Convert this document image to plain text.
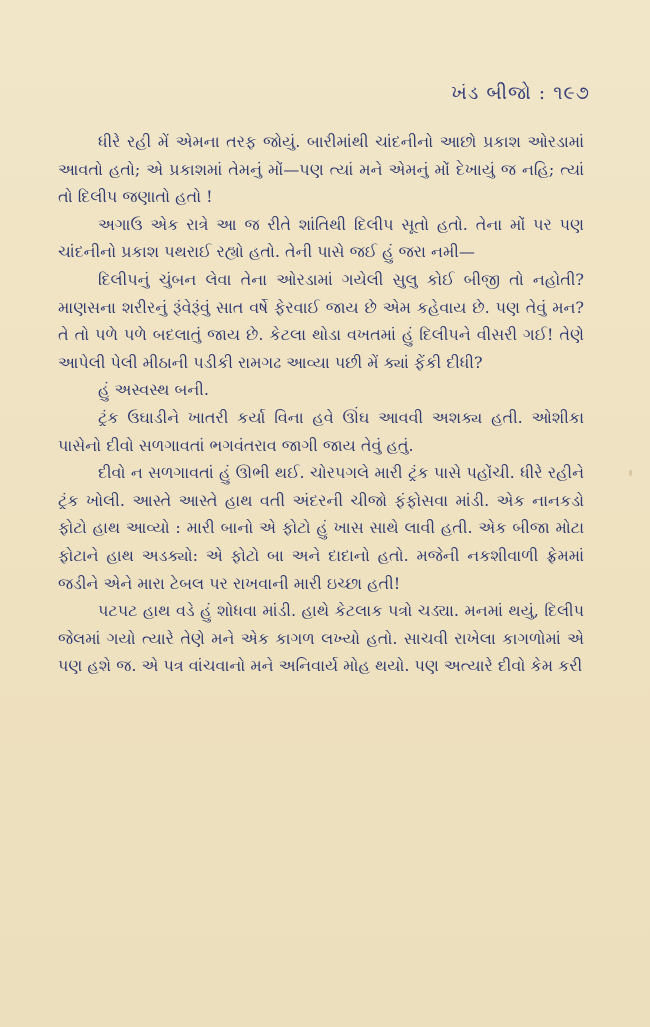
ખંડ બીજો : ૧૯૭

ધીરે રહી મેં એમના તરફ જોયું. બારીમાંથી ચાંદનીનો આછો પ્રકાશ ઓરડામાં આવતો હતો; એ પ્રકાશમાં તેમનું મોં—પણ ત્યાં મને એમનું મોં દેખાયું જ નહિ; ત્યાં તો દિલીપ જણાતો હતો !

અગાઉ એક રાત્રે આ જ રીતે શાંતિથી દિલીપ સૂતો હતો. તેના મોં પર પણ ચાંદનીનો પ્રકાશ પથરાઈ રહ્યો હતો. તેની પાસે જઈ હું જરા નમી—

દિલીપનું ચુંબન લેવા તેના ઓરડામાં ગયેલી સુલુ કોઈ બીજી તો નહોતી? માણસના શરીરનું રૂંવેરૂંવું સાત વર્ષે ફેરવાઈ જાય છે એમ કહેવાય છે. પણ તેવું મન? તે તો પળે પળે બદલાતું જાય છે. કેટલા થોડા વખતમાં હું દિલીપને વીસરી ગઈ! તેણે આપેલી પેલી મીઠાની પડીકી રામગઢ આવ્યા પછી મેં ક્યાં ફેંકી દીધી?

હું અસ્વસ્થ બની.

ટ્રંક ઉઘાડીને ખાતરી કર્યા વિના હવે ઊંઘ આવવી અશક્ય હતી. ઓશીકા પાસેનો દીવો સળગાવતાં ભગવંતરાવ જાગી જાય તેવું હતું.

દીવો ન સળગાવતાં હું ઊભી થઈ. ચોરપગલે મારી ટ્રંક પાસે પહોંચી. ધીરે રહીને ટ્રંક ખોલી. આસ્તે આસ્તે હાથ વતી અંદરની ચીજો ફંફોસવા માંડી. એક નાનકડો ફોટો હાથ આવ્યો : મારી બાનો એ ફોટો હું ખાસ સાથે લાવી હતી. એક બીજા મોટા ફોટાને હાથ અડક્યો: એ ફોટો બા અને દાદાનો હતો. મજેની નકશીવાળી ફ્રેમમાં જડીને એને મારા ટેબલ પર રાખવાની મારી ઇચ્છા હતી!

પટપટ હાથ વડે હું શોધવા માંડી. હાથે કેટલાક પત્રો ચડ્યા. મનમાં થયું, દિલીપ જેલમાં ગયો ત્યારે તેણે મને એક કાગળ લખ્યો હતો. સાચવી રાખેલા કાગળોમાં એ પણ હશે જ. એ પત્ર વાંચવાનો મને અનિવાર્ય મોહ થયો. પણ અત્યારે દીવો કેમ કરી
